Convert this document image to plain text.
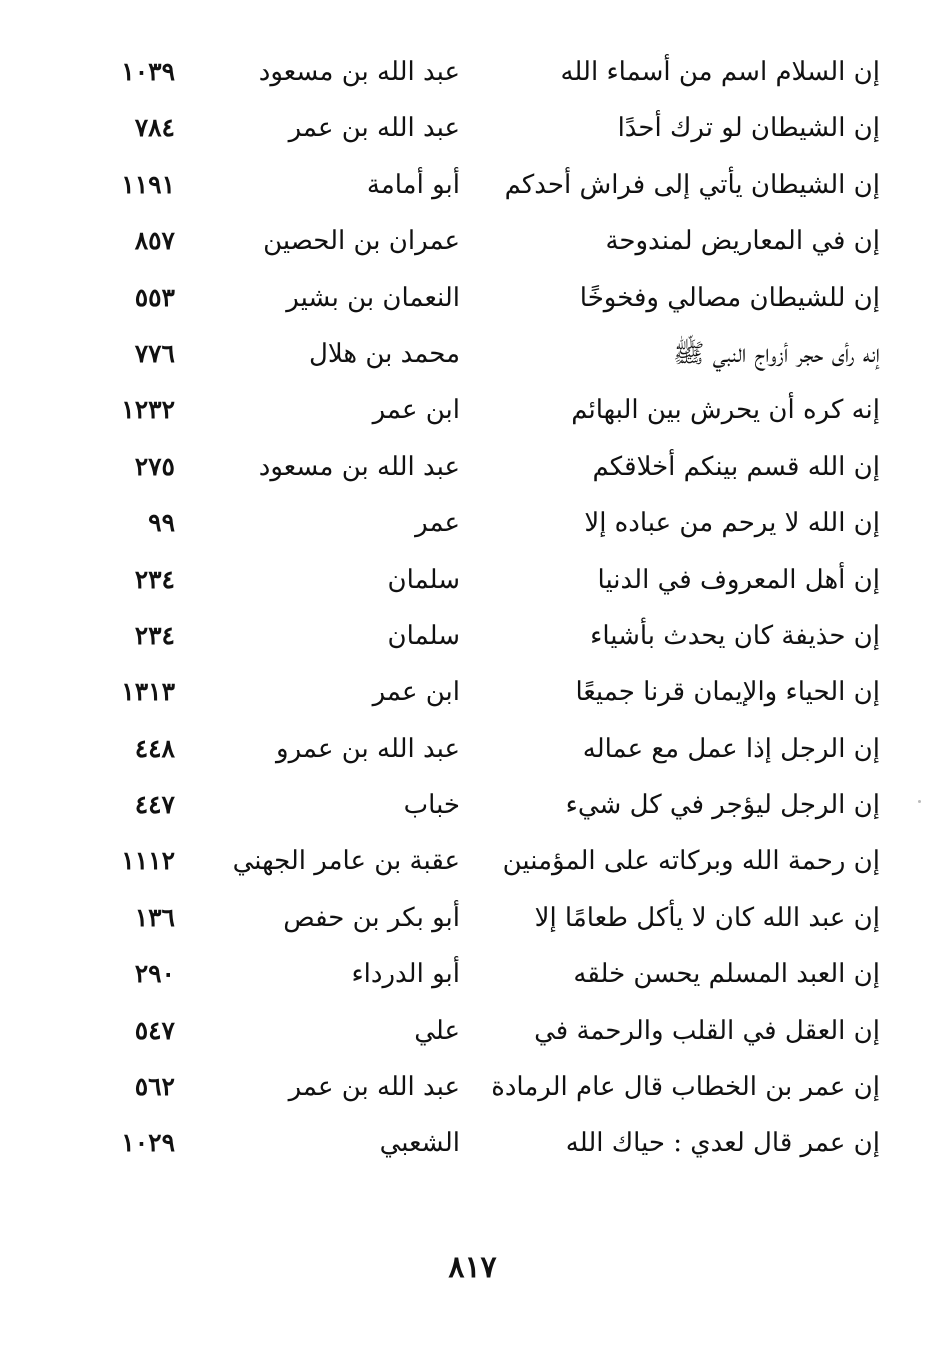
إن السلام اسم من أسماء الله
عبد الله بن مسعود
١٠٣٩
إن الشيطان لو ترك أحدًا
عبد الله بن عمر
٧٨٤
إن الشيطان يأتي إلى فراش أحدكم
أبو أمامة
١١٩١
إن في المعاريض لمندوحة
عمران بن الحصين
٨٥٧
إن للشيطان مصالي وفخوخًا
النعمان بن بشير
٥٥٣
إنه رأى حجر أزواج النبي ﷺ
محمد بن هلال
٧٧٦
إنه كره أن يحرش بين البهائم
ابن عمر
١٢٣٢
إن الله قسم بينكم أخلاقكم
عبد الله بن مسعود
٢٧٥
إن الله لا يرحم من عباده إلا
عمر
٩٩
إن أهل المعروف في الدنيا
سلمان
٢٣٤
إن حذيفة كان يحدث بأشياء
سلمان
٢٣٤
إن الحياء والإيمان قرنا جميعًا
ابن عمر
١٣١٣
إن الرجل إذا عمل مع عماله
عبد الله بن عمرو
٤٤٨
إن الرجل ليؤجر في كل شيء
خباب
٤٤٧
إن رحمة الله وبركاته على المؤمنين
عقبة بن عامر الجهني
١١١٢
إن عبد الله كان لا يأكل طعامًا إلا
أبو بكر بن حفص
١٣٦
إن العبد المسلم يحسن خلقه
أبو الدرداء
٢٩٠
إن العقل في القلب والرحمة في
علي
٥٤٧
إن عمر بن الخطاب قال عام الرمادة
عبد الله بن عمر
٥٦٢
إن عمر قال لعدي : حياك الله
الشعبي
١٠٢٩
٨١٧
